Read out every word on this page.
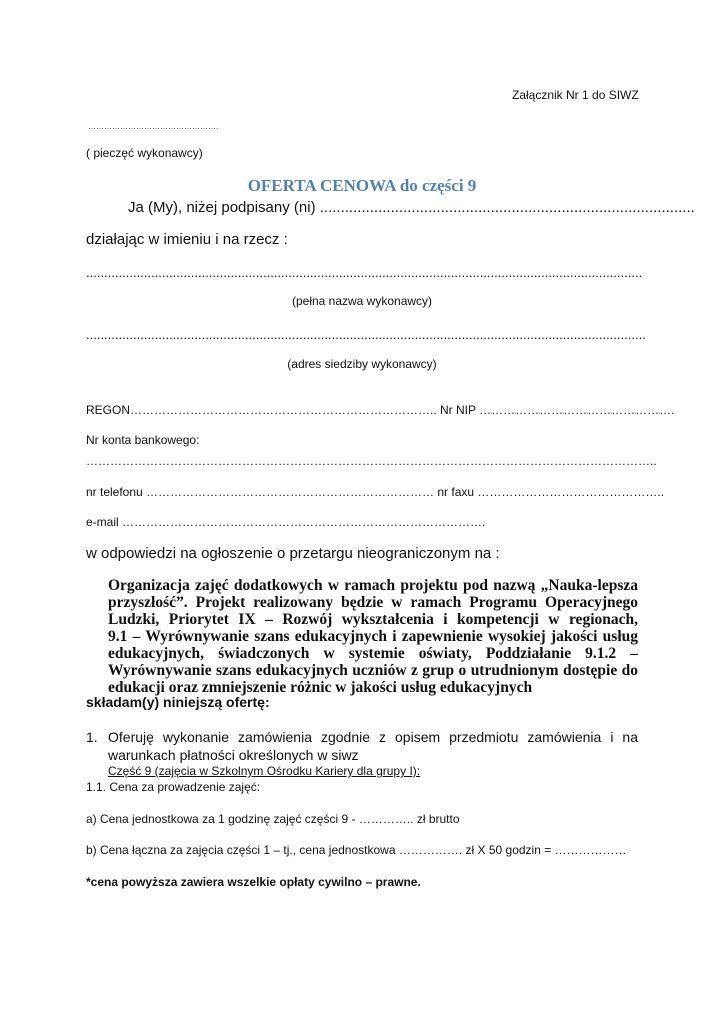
Załącznik Nr 1 do SIWZ
………………………………………….
( pieczęć wykonawcy)
OFERTA CENOWA do części 9
Ja (My), niżej podpisany (ni) ..........................................................................................
działając w imieniu i na rzecz :
..........................................................................................................................................................
(pełna nazwa wykonawcy)
...........................................................................................................................................................
(adres siedziby wykonawcy)
REGON………………………………………………………………….. Nr NIP ………………………………………….
Nr konta bankowego:
……………………………………………………………………………………………………………………………..
nr telefonu ……………………………………………………………… nr faxu ………………………………………..
e-mail ……………………………………………………………………………….
w odpowiedzi na ogłoszenie o przetargu nieograniczonym na :
Organizacja zajęć dodatkowych w ramach projektu pod nazwą „Nauka-lepsza
przyszłość”. Projekt realizowany będzie w ramach Programu Operacyjnego
Ludzki, Priorytet IX – Rozwój wykształcenia i kompetencji w regionach,
9.1 – Wyrównywanie szans edukacyjnych i zapewnienie wysokiej jakości usług
edukacyjnych, świadczonych w systemie oświaty, Poddziałanie 9.1.2 –
Wyrównywanie szans edukacyjnych uczniów z grup o utrudnionym dostępie do
edukacji oraz zmniejszenie różnic w jakości usług edukacyjnych
składam(y) niniejszą ofertę:
1. Oferuję wykonanie zamówienia zgodnie z opisem przedmiotu zamówienia i na
warunkach płatności określonych w siwz
Część 9 (zajęcia w Szkolnym Ośrodku Kariery dla grupy I):
1.1. Cena za prowadzenie zajęć:
a) Cena jednostkowa za 1 godzinę zajęć części 9 - ………….. zł brutto
b) Cena łączna za zajęcia części 1 – tj., cena jednostkowa ……………. zł X 50 godzin = ………………
*cena powyższa zawiera wszelkie opłaty cywilno – prawne.
